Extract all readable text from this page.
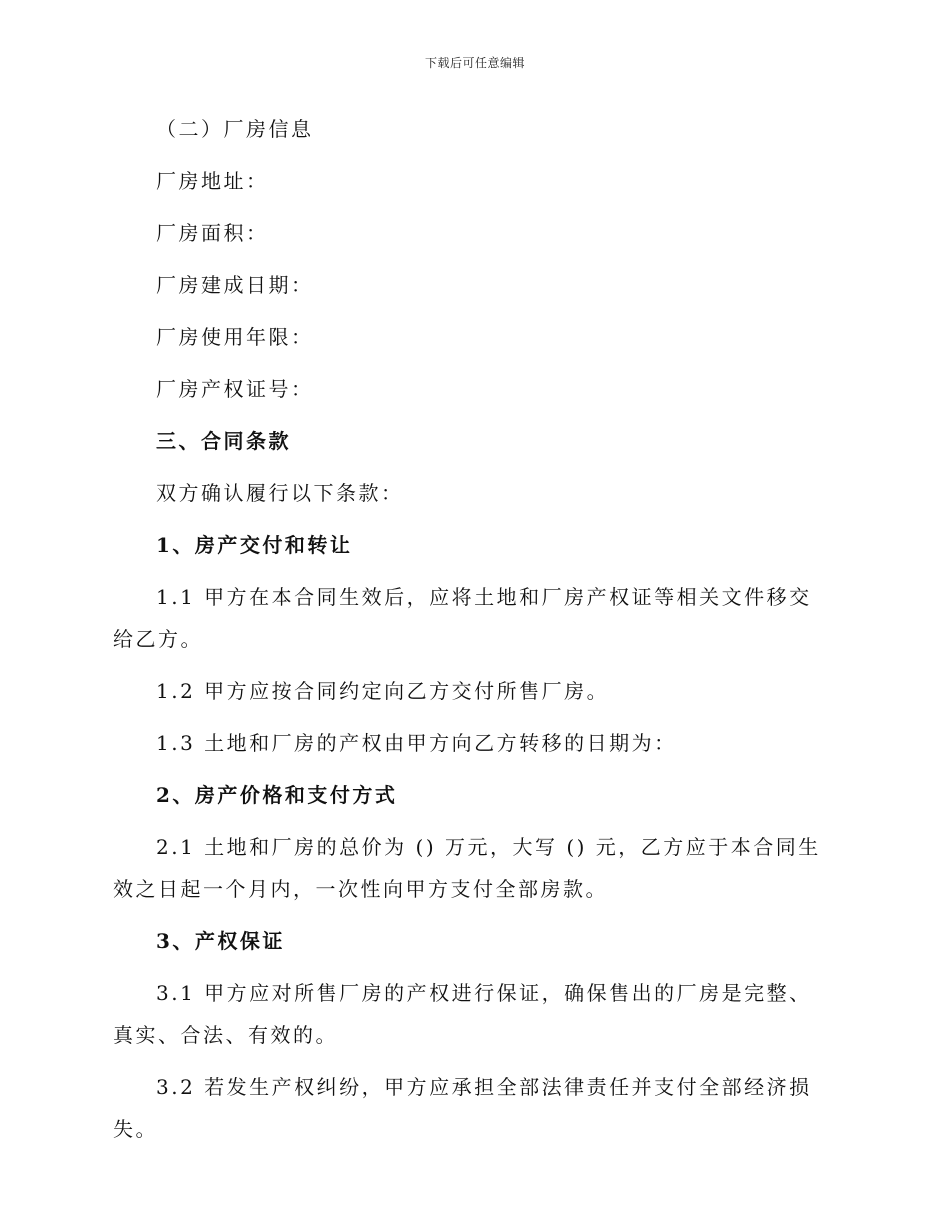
下载后可任意编辑

（二）厂房信息

厂房地址：

厂房面积：

厂房建成日期：

厂房使用年限：

厂房产权证号：

三、合同条款

双方确认履行以下条款：

1、房产交付和转让

1.1 甲方在本合同生效后，应将土地和厂房产权证等相关文件移交给乙方。

1.2 甲方应按合同约定向乙方交付所售厂房。

1.3 土地和厂房的产权由甲方向乙方转移的日期为：

2、房产价格和支付方式

2.1 土地和厂房的总价为 () 万元，大写 () 元，乙方应于本合同生效之日起一个月内，一次性向甲方支付全部房款。

3、产权保证

3.1 甲方应对所售厂房的产权进行保证，确保售出的厂房是完整、真实、合法、有效的。

3.2 若发生产权纠纷，甲方应承担全部法律责任并支付全部经济损失。
